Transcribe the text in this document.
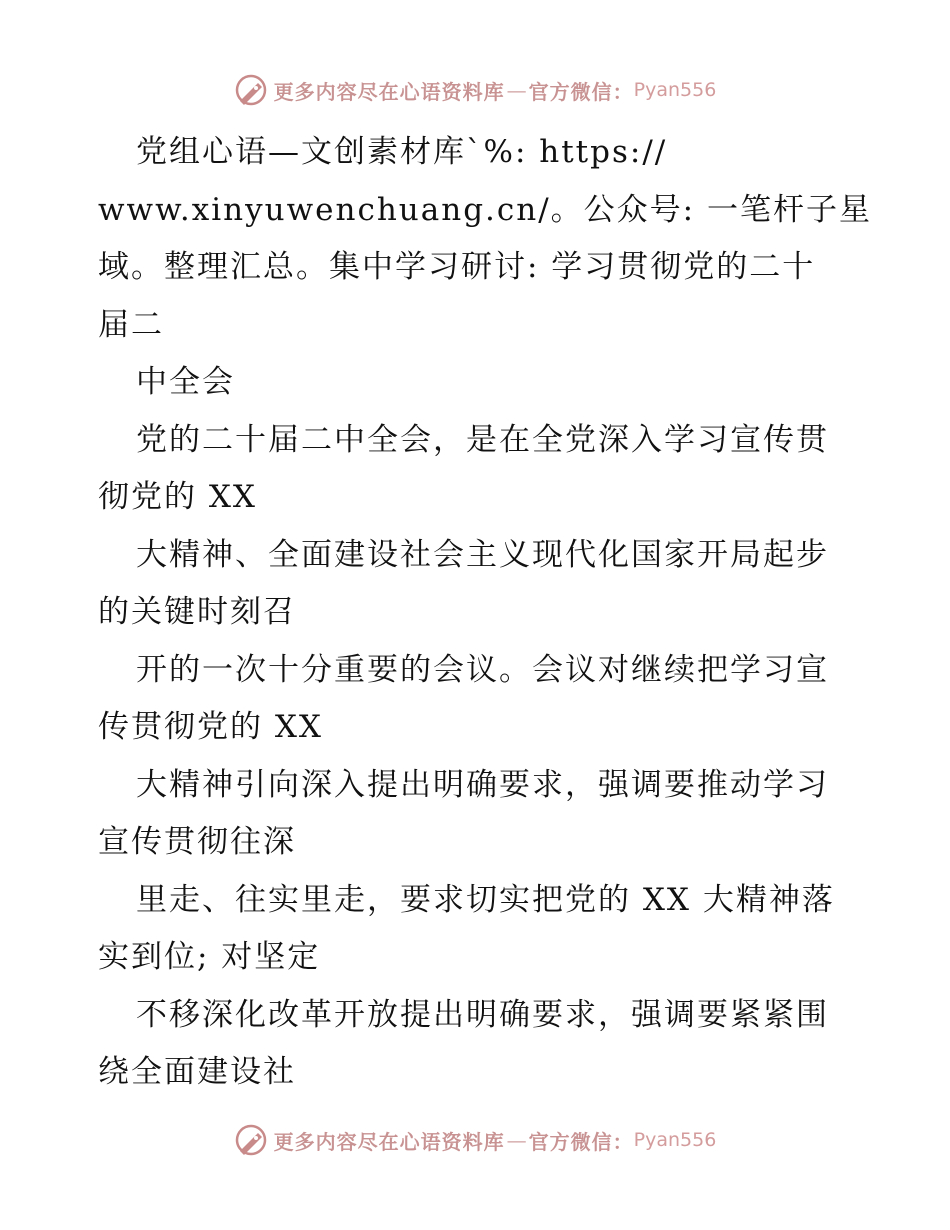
更多内容尽在心语资料库 — 官方微信： Pyan556
党组心语—文创素材库`%: https://
www.xinyuwenchuang.cn/。公众号: 一笔杆子星
域。整理汇总。集中学习研讨: 学习贯彻党的二十
届二
中全会
党的二十届二中全会，是在全党深入学习宣传贯
彻党的 XX
大精神、全面建设社会主义现代化国家开局起步
的关键时刻召
开的一次十分重要的会议。会议对继续把学习宣
传贯彻党的 XX
大精神引向深入提出明确要求，强调要推动学习
宣传贯彻往深
里走、往实里走，要求切实把党的 XX 大精神落
实到位; 对坚定
不移深化改革开放提出明确要求，强调要紧紧围
绕全面建设社
更多内容尽在心语资料库 — 官方微信： Pyan556
